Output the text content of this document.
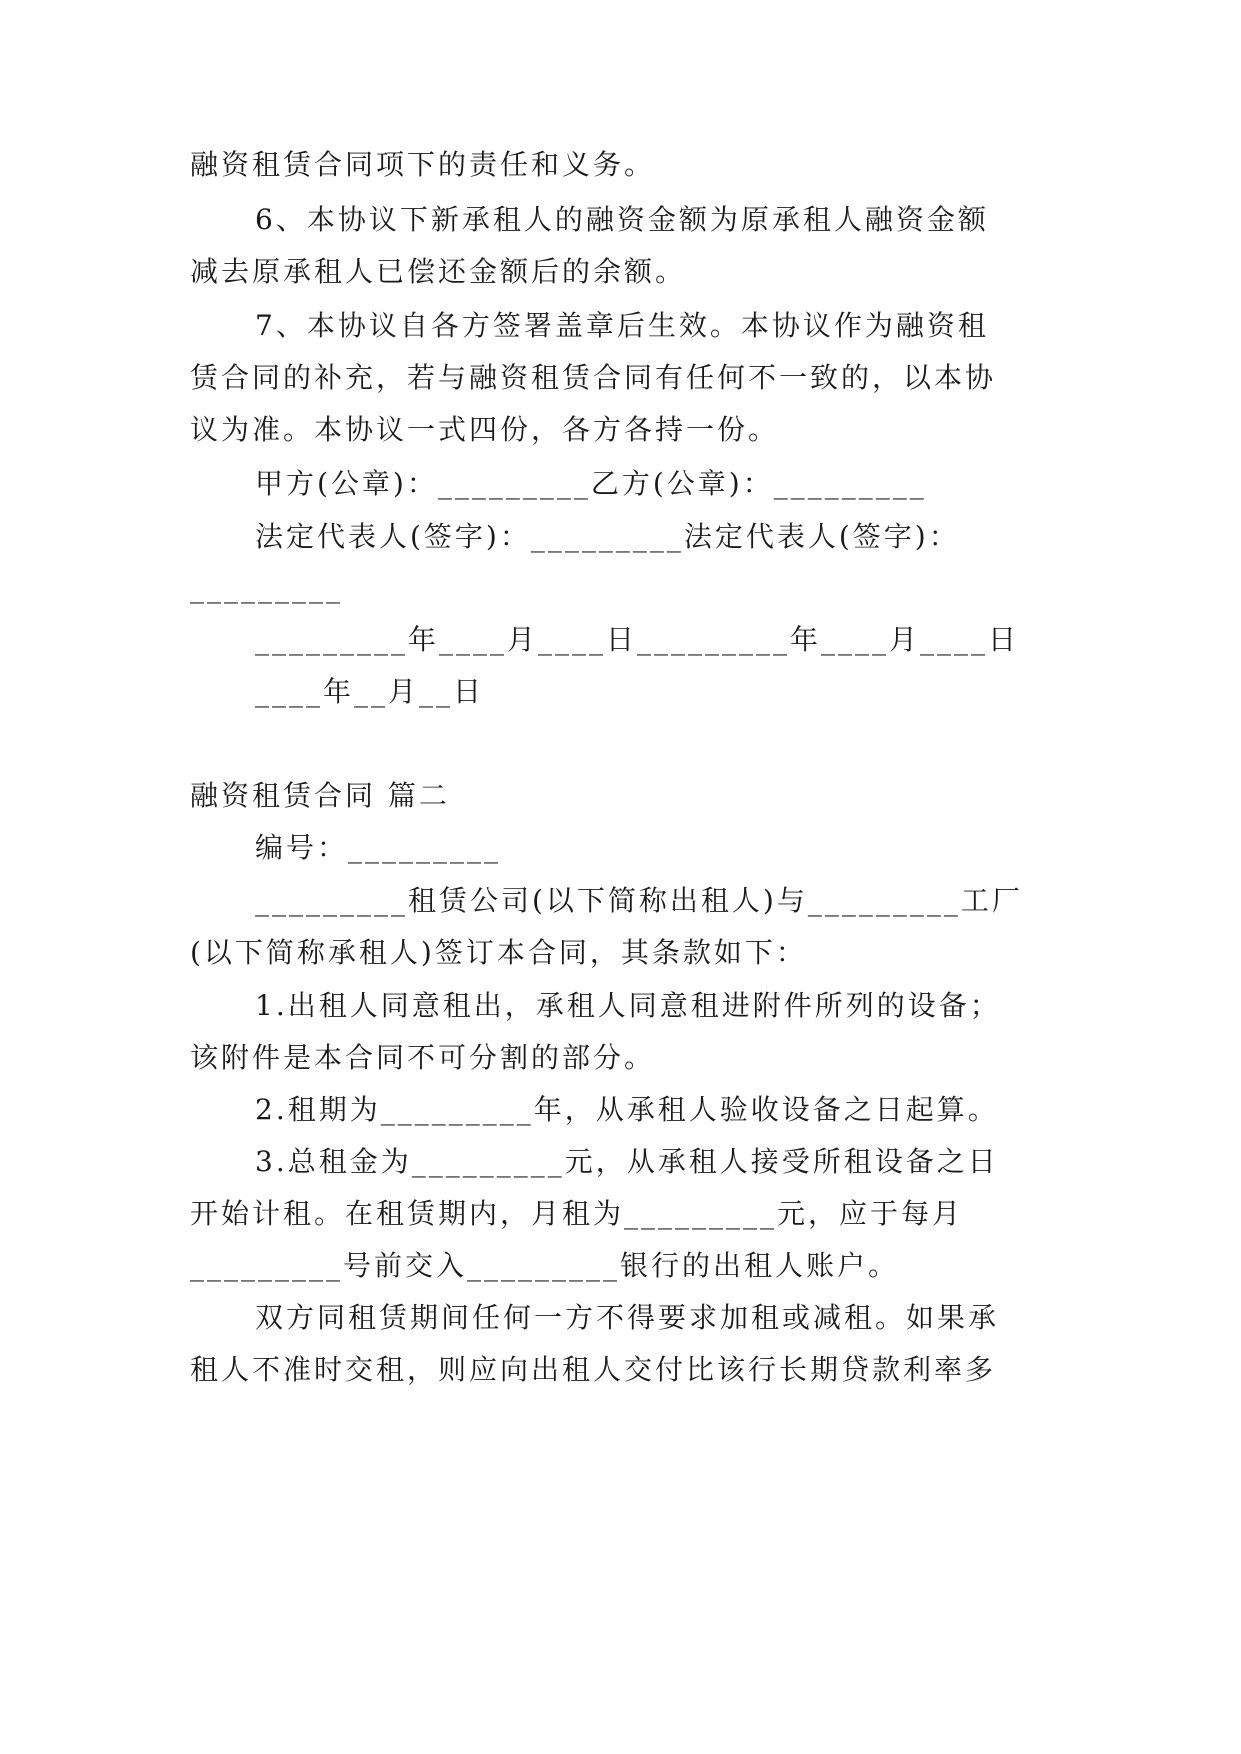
融资租赁合同项下的责任和义务。

6、本协议下新承租人的融资金额为原承租人融资金额

减去原承租人已偿还金额后的余额。

7、本协议自各方签署盖章后生效。本协议作为融资租

赁合同的补充，若与融资租赁合同有任何不一致的，以本协

议为准。本协议一式四份，各方各持一份。

甲方(公章)：_________乙方(公章)：_________

法定代表人(签字)：_________法定代表人(签字)：

_________

_________年____月____日_________年____月____日

____年__月__日

融资租赁合同 篇二

编号：_________

_________租赁公司(以下简称出租人)与_________工厂

(以下简称承租人)签订本合同，其条款如下：

1.出租人同意租出，承租人同意租进附件所列的设备；

该附件是本合同不可分割的部分。

2.租期为_________年，从承租人验收设备之日起算。

3.总租金为_________元，从承租人接受所租设备之日

开始计租。在租赁期内，月租为_________元，应于每月

_________号前交入_________银行的出租人账户。

双方同租赁期间任何一方不得要求加租或减租。如果承

租人不准时交租，则应向出租人交付比该行长期贷款利率多
